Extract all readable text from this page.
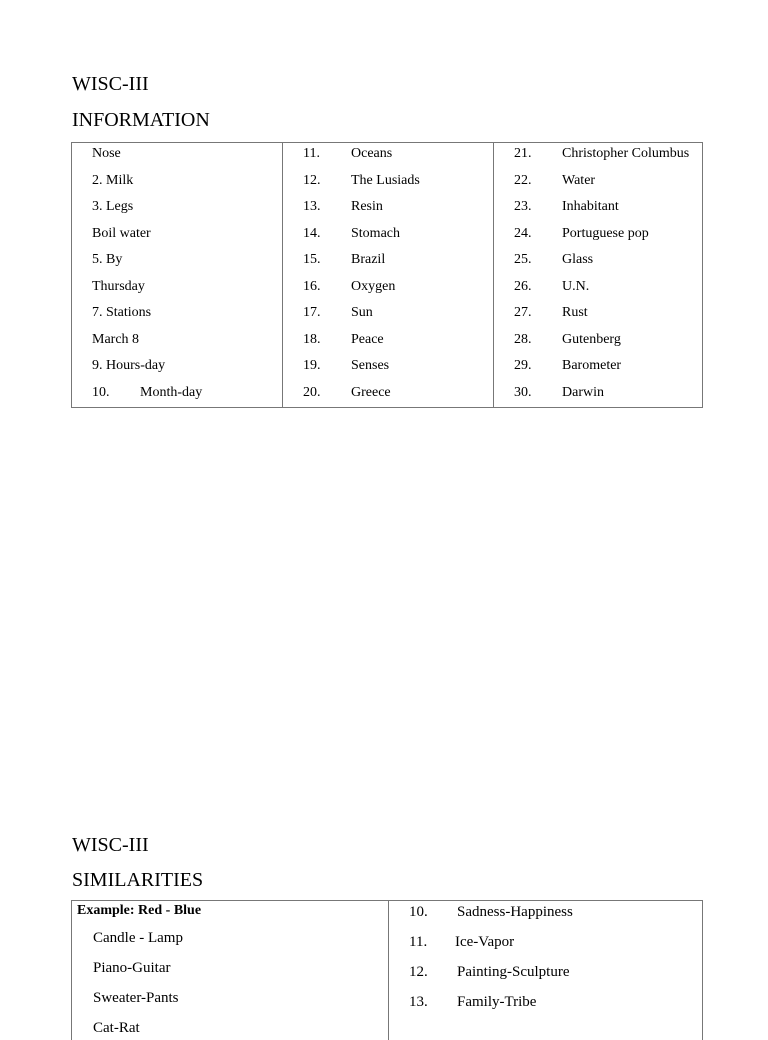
WISC-III
INFORMATION
Nose
2. Milk
3. Legs
Boil water
5. By
Thursday
7. Stations
March 8
9. Hours-day
10. Month-day
11. Oceans
12. The Lusiads
13. Resin
14. Stomach
15. Brazil
16. Oxygen
17. Sun
18. Peace
19. Senses
20. Greece
21. Christopher Columbus
22. Water
23. Inhabitant
24. Portuguese pop
25. Glass
26. U.N.
27. Rust
28. Gutenberg
29. Barometer
30. Darwin
WISC-III
SIMILARITIES
Example: Red - Blue
Candle - Lamp
Piano-Guitar
Sweater-Pants
Cat-Rat
10. Sadness-Happiness
11. Ice-Vapor
12. Painting-Sculpture
13. Family-Tribe
